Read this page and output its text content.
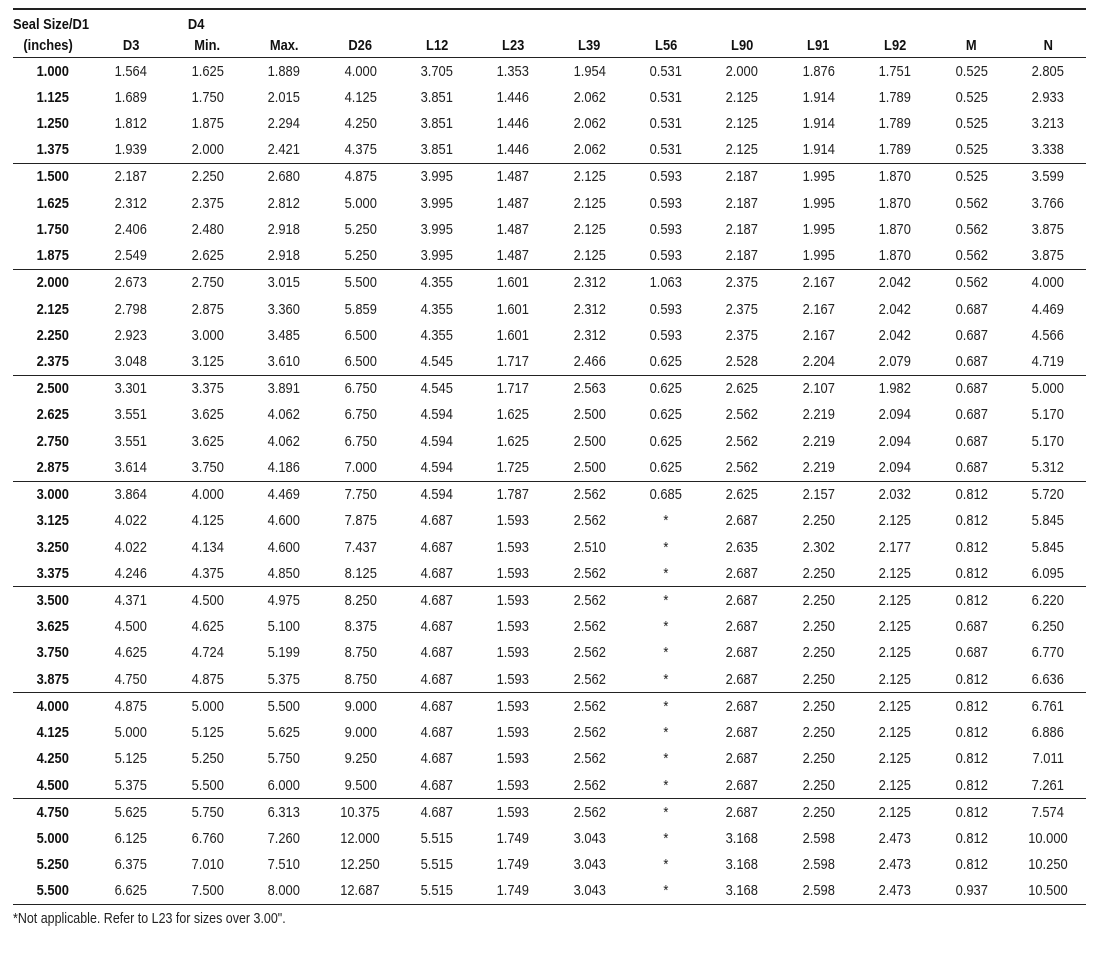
Seal Size/D1		D4											
(inches)	D3	Min.	Max.	D26	L12	L23	L39	L56	L90	L91	L92	M	N
1.000	1.564	1.625	1.889	4.000	3.705	1.353	1.954	0.531	2.000	1.876	1.751	0.525	2.805
1.125	1.689	1.750	2.015	4.125	3.851	1.446	2.062	0.531	2.125	1.914	1.789	0.525	2.933
1.250	1.812	1.875	2.294	4.250	3.851	1.446	2.062	0.531	2.125	1.914	1.789	0.525	3.213
1.375	1.939	2.000	2.421	4.375	3.851	1.446	2.062	0.531	2.125	1.914	1.789	0.525	3.338
1.500	2.187	2.250	2.680	4.875	3.995	1.487	2.125	0.593	2.187	1.995	1.870	0.525	3.599
1.625	2.312	2.375	2.812	5.000	3.995	1.487	2.125	0.593	2.187	1.995	1.870	0.562	3.766
1.750	2.406	2.480	2.918	5.250	3.995	1.487	2.125	0.593	2.187	1.995	1.870	0.562	3.875
1.875	2.549	2.625	2.918	5.250	3.995	1.487	2.125	0.593	2.187	1.995	1.870	0.562	3.875
2.000	2.673	2.750	3.015	5.500	4.355	1.601	2.312	1.063	2.375	2.167	2.042	0.562	4.000
2.125	2.798	2.875	3.360	5.859	4.355	1.601	2.312	0.593	2.375	2.167	2.042	0.687	4.469
2.250	2.923	3.000	3.485	6.500	4.355	1.601	2.312	0.593	2.375	2.167	2.042	0.687	4.566
2.375	3.048	3.125	3.610	6.500	4.545	1.717	2.466	0.625	2.528	2.204	2.079	0.687	4.719
2.500	3.301	3.375	3.891	6.750	4.545	1.717	2.563	0.625	2.625	2.107	1.982	0.687	5.000
2.625	3.551	3.625	4.062	6.750	4.594	1.625	2.500	0.625	2.562	2.219	2.094	0.687	5.170
2.750	3.551	3.625	4.062	6.750	4.594	1.625	2.500	0.625	2.562	2.219	2.094	0.687	5.170
2.875	3.614	3.750	4.186	7.000	4.594	1.725	2.500	0.625	2.562	2.219	2.094	0.687	5.312
3.000	3.864	4.000	4.469	7.750	4.594	1.787	2.562	0.685	2.625	2.157	2.032	0.812	5.720
3.125	4.022	4.125	4.600	7.875	4.687	1.593	2.562	*	2.687	2.250	2.125	0.812	5.845
3.250	4.022	4.134	4.600	7.437	4.687	1.593	2.510	*	2.635	2.302	2.177	0.812	5.845
3.375	4.246	4.375	4.850	8.125	4.687	1.593	2.562	*	2.687	2.250	2.125	0.812	6.095
3.500	4.371	4.500	4.975	8.250	4.687	1.593	2.562	*	2.687	2.250	2.125	0.812	6.220
3.625	4.500	4.625	5.100	8.375	4.687	1.593	2.562	*	2.687	2.250	2.125	0.687	6.250
3.750	4.625	4.724	5.199	8.750	4.687	1.593	2.562	*	2.687	2.250	2.125	0.687	6.770
3.875	4.750	4.875	5.375	8.750	4.687	1.593	2.562	*	2.687	2.250	2.125	0.812	6.636
4.000	4.875	5.000	5.500	9.000	4.687	1.593	2.562	*	2.687	2.250	2.125	0.812	6.761
4.125	5.000	5.125	5.625	9.000	4.687	1.593	2.562	*	2.687	2.250	2.125	0.812	6.886
4.250	5.125	5.250	5.750	9.250	4.687	1.593	2.562	*	2.687	2.250	2.125	0.812	7.011
4.500	5.375	5.500	6.000	9.500	4.687	1.593	2.562	*	2.687	2.250	2.125	0.812	7.261
4.750	5.625	5.750	6.313	10.375	4.687	1.593	2.562	*	2.687	2.250	2.125	0.812	7.574
5.000	6.125	6.760	7.260	12.000	5.515	1.749	3.043	*	3.168	2.598	2.473	0.812	10.000
5.250	6.375	7.010	7.510	12.250	5.515	1.749	3.043	*	3.168	2.598	2.473	0.812	10.250
5.500	6.625	7.500	8.000	12.687	5.515	1.749	3.043	*	3.168	2.598	2.473	0.937	10.500
*Not applicable. Refer to L23 for sizes over 3.00".
